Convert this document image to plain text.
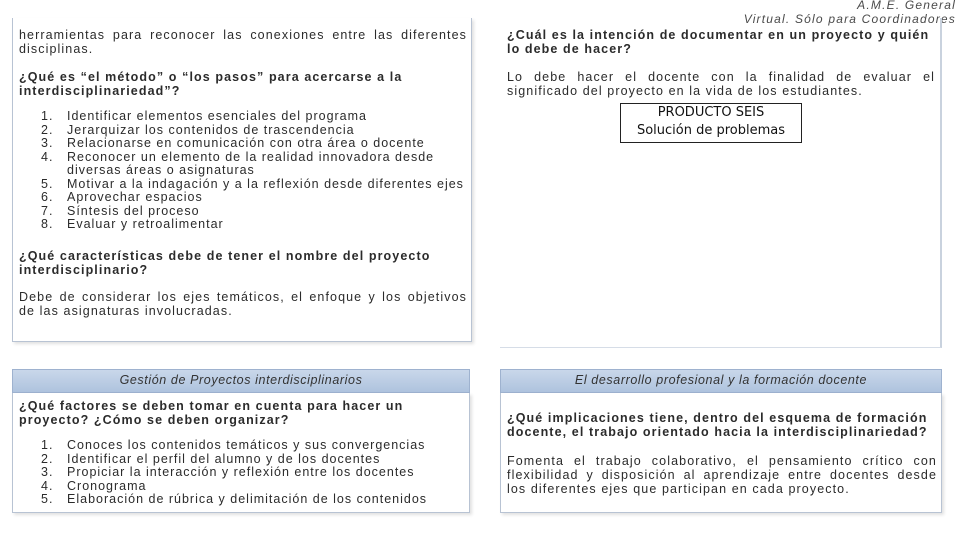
A.M.E. General
Virtual. Sólo para Coordinadores

herramientas para reconocer las conexiones entre las diferentes disciplinas.

¿Qué es “el método” o “los pasos” para acercarse a la interdisciplinariedad”?

1. Identificar elementos esenciales del programa
2. Jerarquizar los contenidos de trascendencia
3. Relacionarse en comunicación con otra área o docente
4. Reconocer un elemento de la realidad innovadora desde diversas áreas o asignaturas
5. Motivar a la indagación y a la reflexión desde diferentes ejes
6. Aprovechar espacios
7. Síntesis del proceso
8. Evaluar y retroalimentar

¿Qué características debe de tener el nombre del proyecto interdisciplinario?

Debe de considerar los ejes temáticos, el enfoque y los objetivos de las asignaturas involucradas.

¿Cuál es la intención de documentar en un proyecto y quién lo debe de hacer?

Lo debe hacer el docente con la finalidad de evaluar el significado del proyecto en la vida de los estudiantes.

PRODUCTO SEIS
Solución de problemas
Gestión de Proyectos interdisciplinarios

¿Qué factores se deben tomar en cuenta para hacer un proyecto? ¿Cómo se deben organizar?

1. Conoces los contenidos temáticos y sus convergencias
2. Identificar el perfil del alumno y de los docentes
3. Propiciar la interacción y reflexión entre los docentes
4. Cronograma
5. Elaboración de rúbrica y delimitación de los contenidos
El desarrollo profesional y la formación docente

¿Qué implicaciones tiene, dentro del esquema de formación docente, el trabajo orientado hacia la interdisciplinariedad?

Fomenta el trabajo colaborativo, el pensamiento crítico con flexibilidad y disposición al aprendizaje entre docentes desde los diferentes ejes que participan en cada proyecto.
